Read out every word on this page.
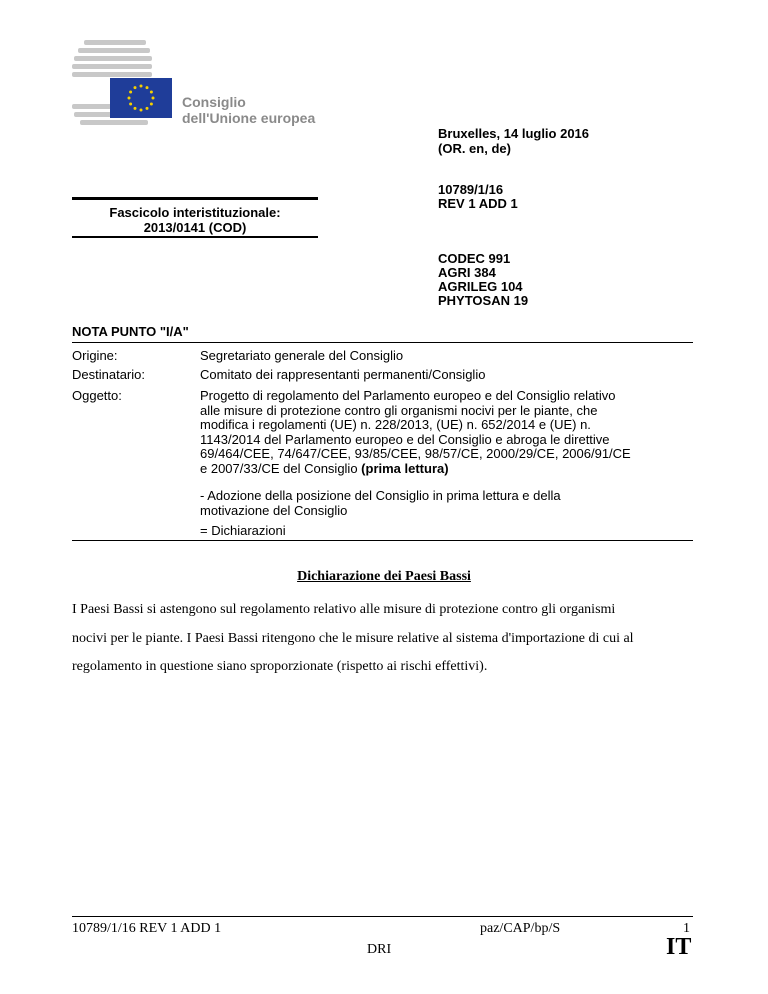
Consiglio
dell'Unione europea
Bruxelles, 14 luglio 2016
(OR. en, de)
10789/1/16
REV 1 ADD 1
Fascicolo interistituzionale:
2013/0141 (COD)
CODEC 991
AGRI 384
AGRILEG 104
PHYTOSAN 19
NOTA PUNTO "I/A"
Origine:	Segretariato generale del Consiglio
Destinatario:	Comitato dei rappresentanti permanenti/Consiglio
Oggetto:	Progetto di regolamento del Parlamento europeo e del Consiglio relativo
alle misure di protezione contro gli organismi nocivi per le piante, che
modifica i regolamenti (UE) n. 228/2013, (UE) n. 652/2014 e (UE) n.
1143/2014 del Parlamento europeo e del Consiglio e abroga le direttive
69/464/CEE, 74/647/CEE, 93/85/CEE, 98/57/CE, 2000/29/CE, 2006/91/CE
e 2007/33/CE del Consiglio (prima lettura)
- Adozione della posizione del Consiglio in prima lettura e della
motivazione del Consiglio
= Dichiarazioni
Dichiarazione dei Paesi Bassi
I Paesi Bassi si astengono sul regolamento relativo alle misure di protezione contro gli organismi
nocivi per le piante. I Paesi Bassi ritengono che le misure relative al sistema d'importazione di cui al
regolamento in questione siano sproporzionate (rispetto ai rischi effettivi).
10789/1/16 REV 1 ADD 1	paz/CAP/bp/S	1
DRI	IT
